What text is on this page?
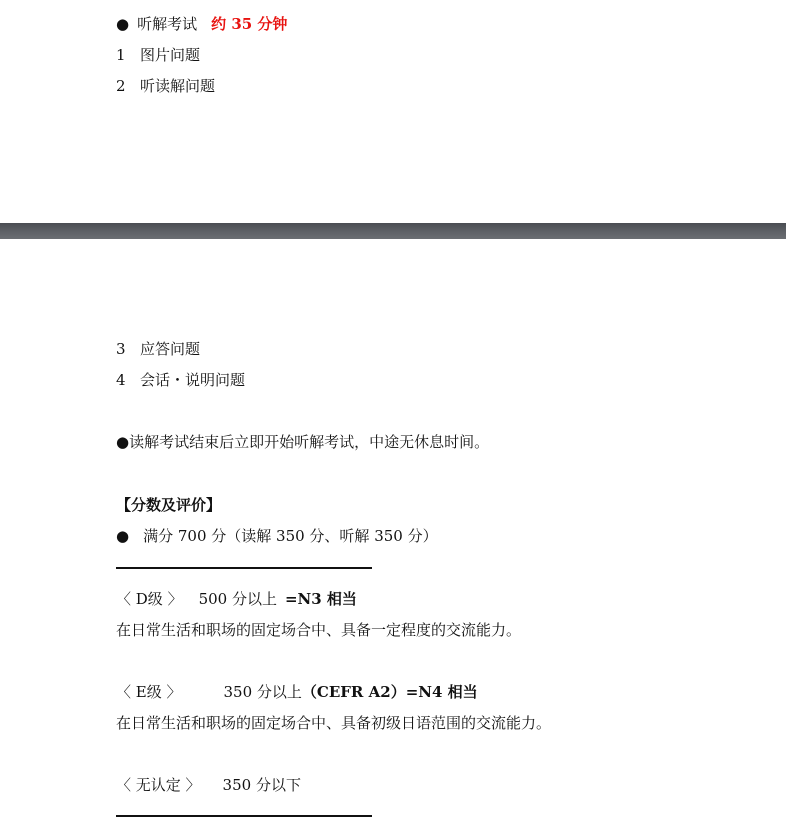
● 听解考试 约 35 分钟
1 图片问题
2 听读解问题
3 应答问题
4 会话・说明问题
●读解考试结束后立即开始听解考试，中途无休息时间。
【分数及评价】
● 满分 700 分（读解 350 分、听解 350 分）
〈 D级 〉 500 分以上 =N3 相当
在日常生活和职场的固定场合中、具备一定程度的交流能力。
〈 E级 〉	350 分以上（CEFR A2）=N4 相当
在日常生活和职场的固定场合中、具备初级日语范围的交流能力。
〈 无认定 〉 350 分以下
